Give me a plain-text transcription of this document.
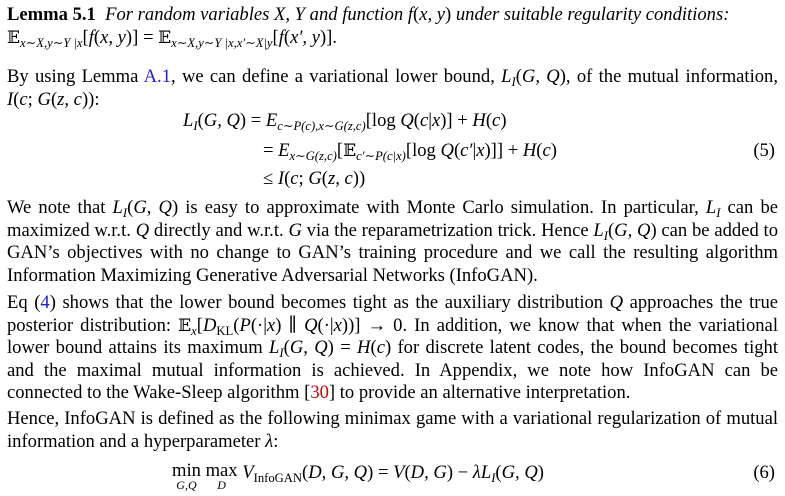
Lemma 5.1  For random variables X, Y and function f(x, y) under suitable regularity conditions:
𝔼$_{x\sim X,y\sim Y |x}$[f(x, y)] = 𝔼$_{x\sim X,y\sim Y |x,x'\sim X|y}$[f(x′, y)].
By using Lemma A.1, we can define a variational lower bound, $L_I(G$, Q), of the mutual information, I(c; G(z, c)):
$L_I(G$, $Q) = E_{c\sim P(c),x\sim G(z,c)}[\log$ Q(c|x)] + H(c)
= $E_{x\sim G(z,c)}[𝔼_{c'\sim P(c|x)}[\log$ Q(c′|x)]] + H(c)	(5)
≤ I(c; G(z, c))
We note that $L_I(G$, Q) is easy to approximate with Monte Carlo simulation. In particular, $L_I$ can be maximized w.r.t. Q directly and w.r.t. G via the reparametrization trick. Hence $L_I(G$, Q) can be added to GAN’s objectives with no change to GAN’s training procedure and we call the resulting algorithm Information Maximizing Generative Adversarial Networks (InfoGAN).
Eq (4) shows that the lower bound becomes tight as the auxiliary distribution Q approaches the true posterior distribution: $𝔼_x[D_{KL}(P(\cdot|x)$ ∥ Q(·|x))] → 0. In addition, we know that when the variational lower bound attains its maximum $L_I(G$, Q) = H(c) for discrete latent codes, the bound becomes tight and the maximal mutual information is achieved. In Appendix, we note how InfoGAN can be connected to the Wake-Sleep algorithm [30] to provide an alternative interpretation.
Hence, InfoGAN is defined as the following minimax game with a variational regularization of mutual information and a hyperparameter λ:
min
G,Q
max
D
$V_{InfoGAN}(D$, G, Q) = V(D, $G) - \lambda L_I(G$, Q)	(6)
